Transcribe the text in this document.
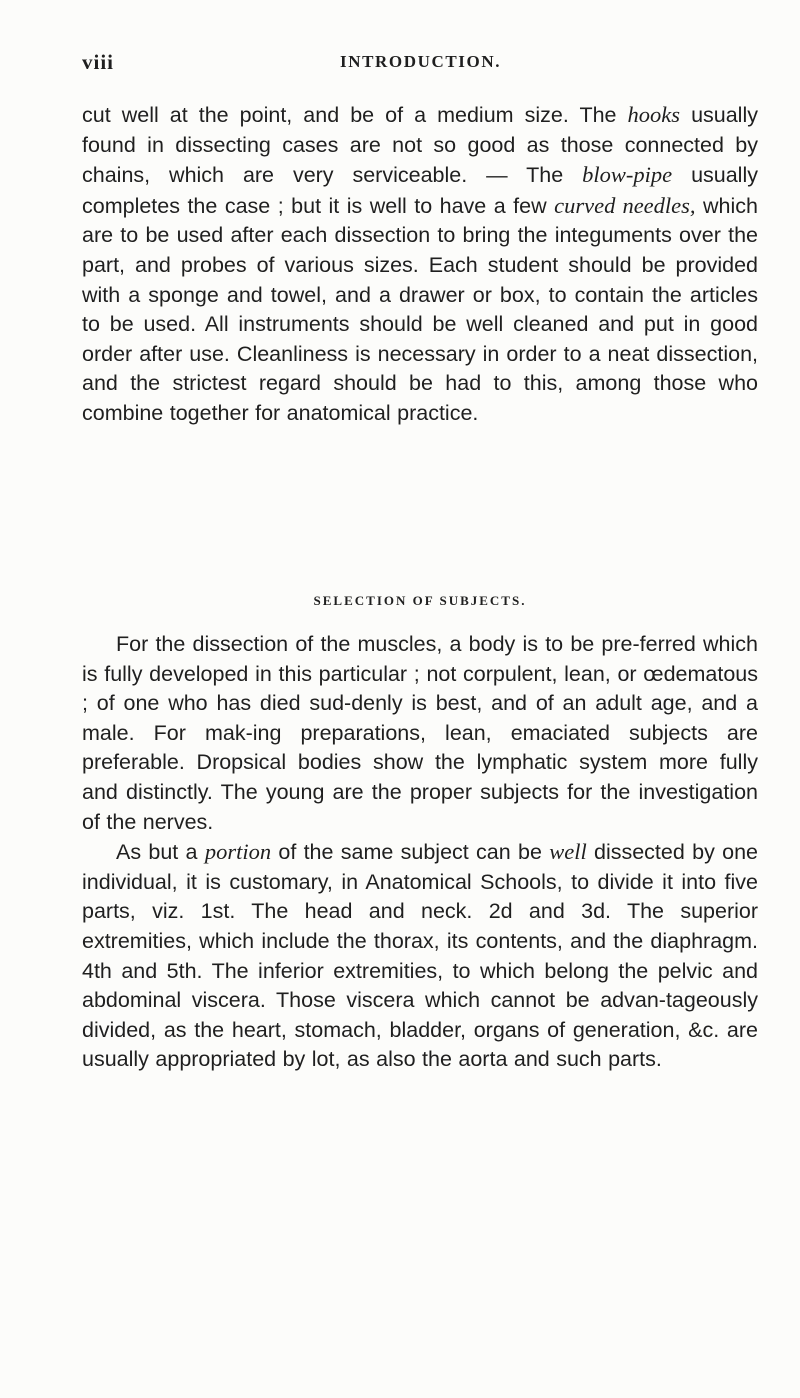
viii	INTRODUCTION.

cut well at the point, and be of a medium size. The hooks usually found in dissecting cases are not so good as those connected by chains, which are very serviceable. — The blow-pipe usually completes the case ; but it is well to have a few curved needles, which are to be used after each dissection to bring the integuments over the part, and probes of various sizes. Each student should be provided with a sponge and towel, and a drawer or box, to contain the articles to be used. All instruments should be well cleaned and put in good order after use. Cleanliness is necessary in order to a neat dissection, and the strictest regard should be had to this, among those who combine together for anatomical practice.

SELECTION OF SUBJECTS.

For the dissection of the muscles, a body is to be pre-ferred which is fully developed in this particular ; not corpulent, lean, or œdematous ; of one who has died sud-denly is best, and of an adult age, and a male. For mak-ing preparations, lean, emaciated subjects are preferable. Dropsical bodies show the lymphatic system more fully and distinctly. The young are the proper subjects for the investigation of the nerves.

As but a portion of the same subject can be well dissected by one individual, it is customary, in Anatomical Schools, to divide it into five parts, viz. 1st. The head and neck. 2d and 3d. The superior extremities, which include the thorax, its contents, and the diaphragm. 4th and 5th. The inferior extremities, to which belong the pelvic and abdominal viscera. Those viscera which cannot be advan-tageously divided, as the heart, stomach, bladder, organs of generation, &c. are usually appropriated by lot, as also the aorta and such parts.
